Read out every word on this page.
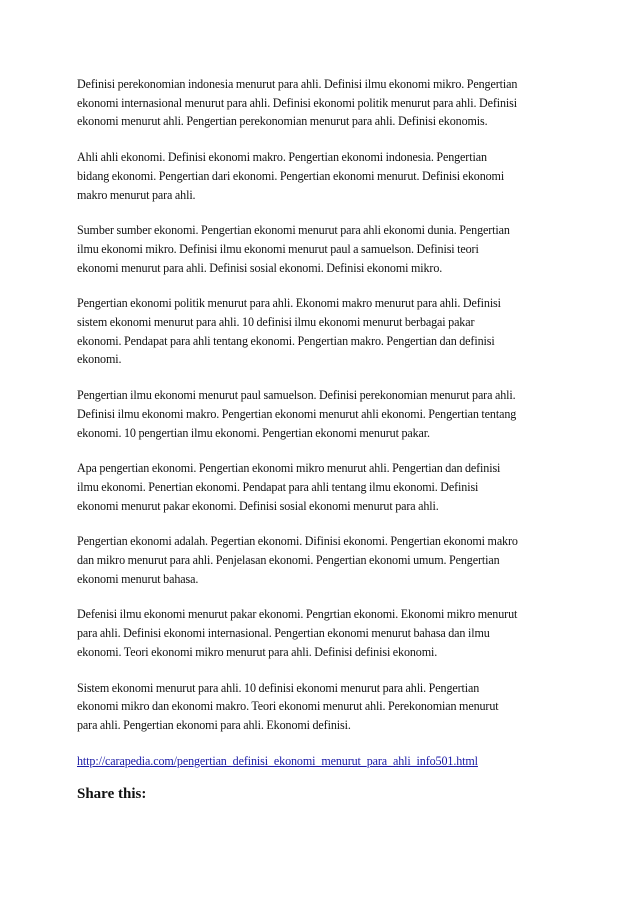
Definisi perekonomian indonesia menurut para ahli. Definisi ilmu ekonomi mikro. Pengertian
ekonomi internasional menurut para ahli. Definisi ekonomi politik menurut para ahli. Definisi
ekonomi menurut ahli. Pengertian perekonomian menurut para ahli. Definisi ekonomis.

Ahli ahli ekonomi. Definisi ekonomi makro. Pengertian ekonomi indonesia. Pengertian
bidang ekonomi. Pengertian dari ekonomi. Pengertian ekonomi menurut. Definisi ekonomi
makro menurut para ahli.

Sumber sumber ekonomi. Pengertian ekonomi menurut para ahli ekonomi dunia. Pengertian
ilmu ekonomi mikro. Definisi ilmu ekonomi menurut paul a samuelson. Definisi teori
ekonomi menurut para ahli. Definisi sosial ekonomi. Definisi ekonomi mikro.

Pengertian ekonomi politik menurut para ahli. Ekonomi makro menurut para ahli. Definisi
sistem ekonomi menurut para ahli. 10 definisi ilmu ekonomi menurut berbagai pakar
ekonomi. Pendapat para ahli tentang ekonomi. Pengertian makro. Pengertian dan definisi
ekonomi.

Pengertian ilmu ekonomi menurut paul samuelson. Definisi perekonomian menurut para ahli.
Definisi ilmu ekonomi makro. Pengertian ekonomi menurut ahli ekonomi. Pengertian tentang
ekonomi. 10 pengertian ilmu ekonomi. Pengertian ekonomi menurut pakar.

Apa pengertian ekonomi. Pengertian ekonomi mikro menurut ahli. Pengertian dan definisi
ilmu ekonomi. Penertian ekonomi. Pendapat para ahli tentang ilmu ekonomi. Definisi
ekonomi menurut pakar ekonomi. Definisi sosial ekonomi menurut para ahli.

Pengertian ekonomi adalah. Pegertian ekonomi. Difinisi ekonomi. Pengertian ekonomi makro
dan mikro menurut para ahli. Penjelasan ekonomi. Pengertian ekonomi umum. Pengertian
ekonomi menurut bahasa.

Defenisi ilmu ekonomi menurut pakar ekonomi. Pengrtian ekonomi. Ekonomi mikro menurut
para ahli. Definisi ekonomi internasional. Pengertian ekonomi menurut bahasa dan ilmu
ekonomi. Teori ekonomi mikro menurut para ahli. Definisi definisi ekonomi.

Sistem ekonomi menurut para ahli. 10 definisi ekonomi menurut para ahli. Pengertian
ekonomi mikro dan ekonomi makro. Teori ekonomi menurut ahli. Perekonomian menurut
para ahli. Pengertian ekonomi para ahli. Ekonomi definisi.

http://carapedia.com/pengertian_definisi_ekonomi_menurut_para_ahli_info501.html
Share this:
